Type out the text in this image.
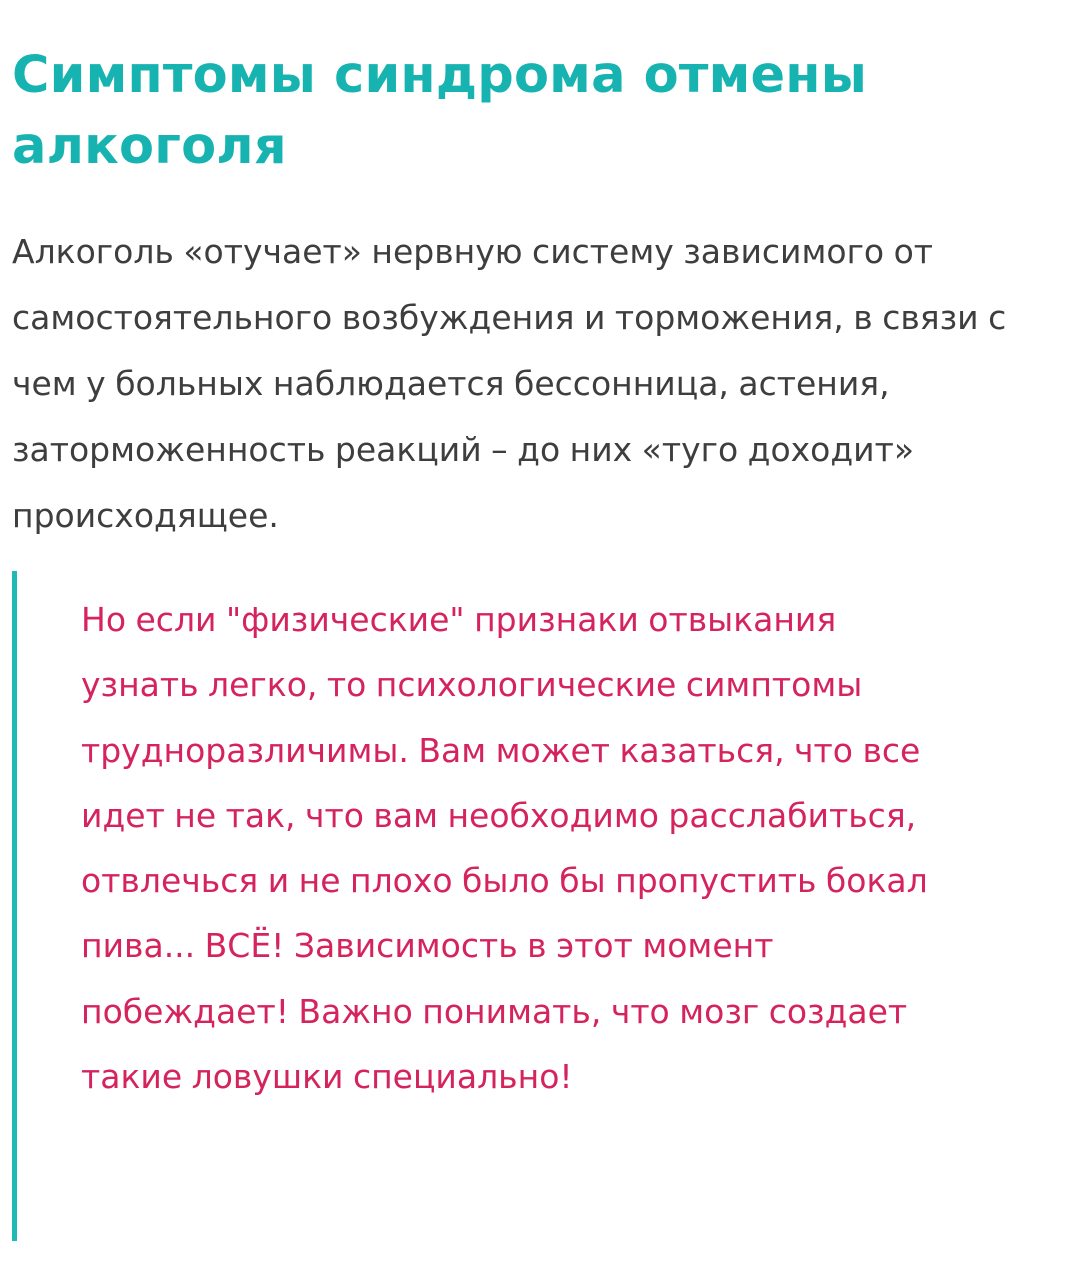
Симптомы синдрома отмены алкоголя

Алкоголь «отучает» нервную систему зависимого от самостоятельного возбуждения и торможения, в связи с чем у больных наблюдается бессонница, астения, заторможенность реакций – до них «туго доходит» происходящее.

Но если "физические" признаки отвыкания узнать легко, то психологические симптомы трудноразличимы. Вам может казаться, что все идет не так, что вам необходимо расслабиться, отвлечься и не плохо было бы пропустить бокал пива... ВСЁ! Зависимость в этот момент побеждает! Важно понимать, что мозг создает такие ловушки специально!
